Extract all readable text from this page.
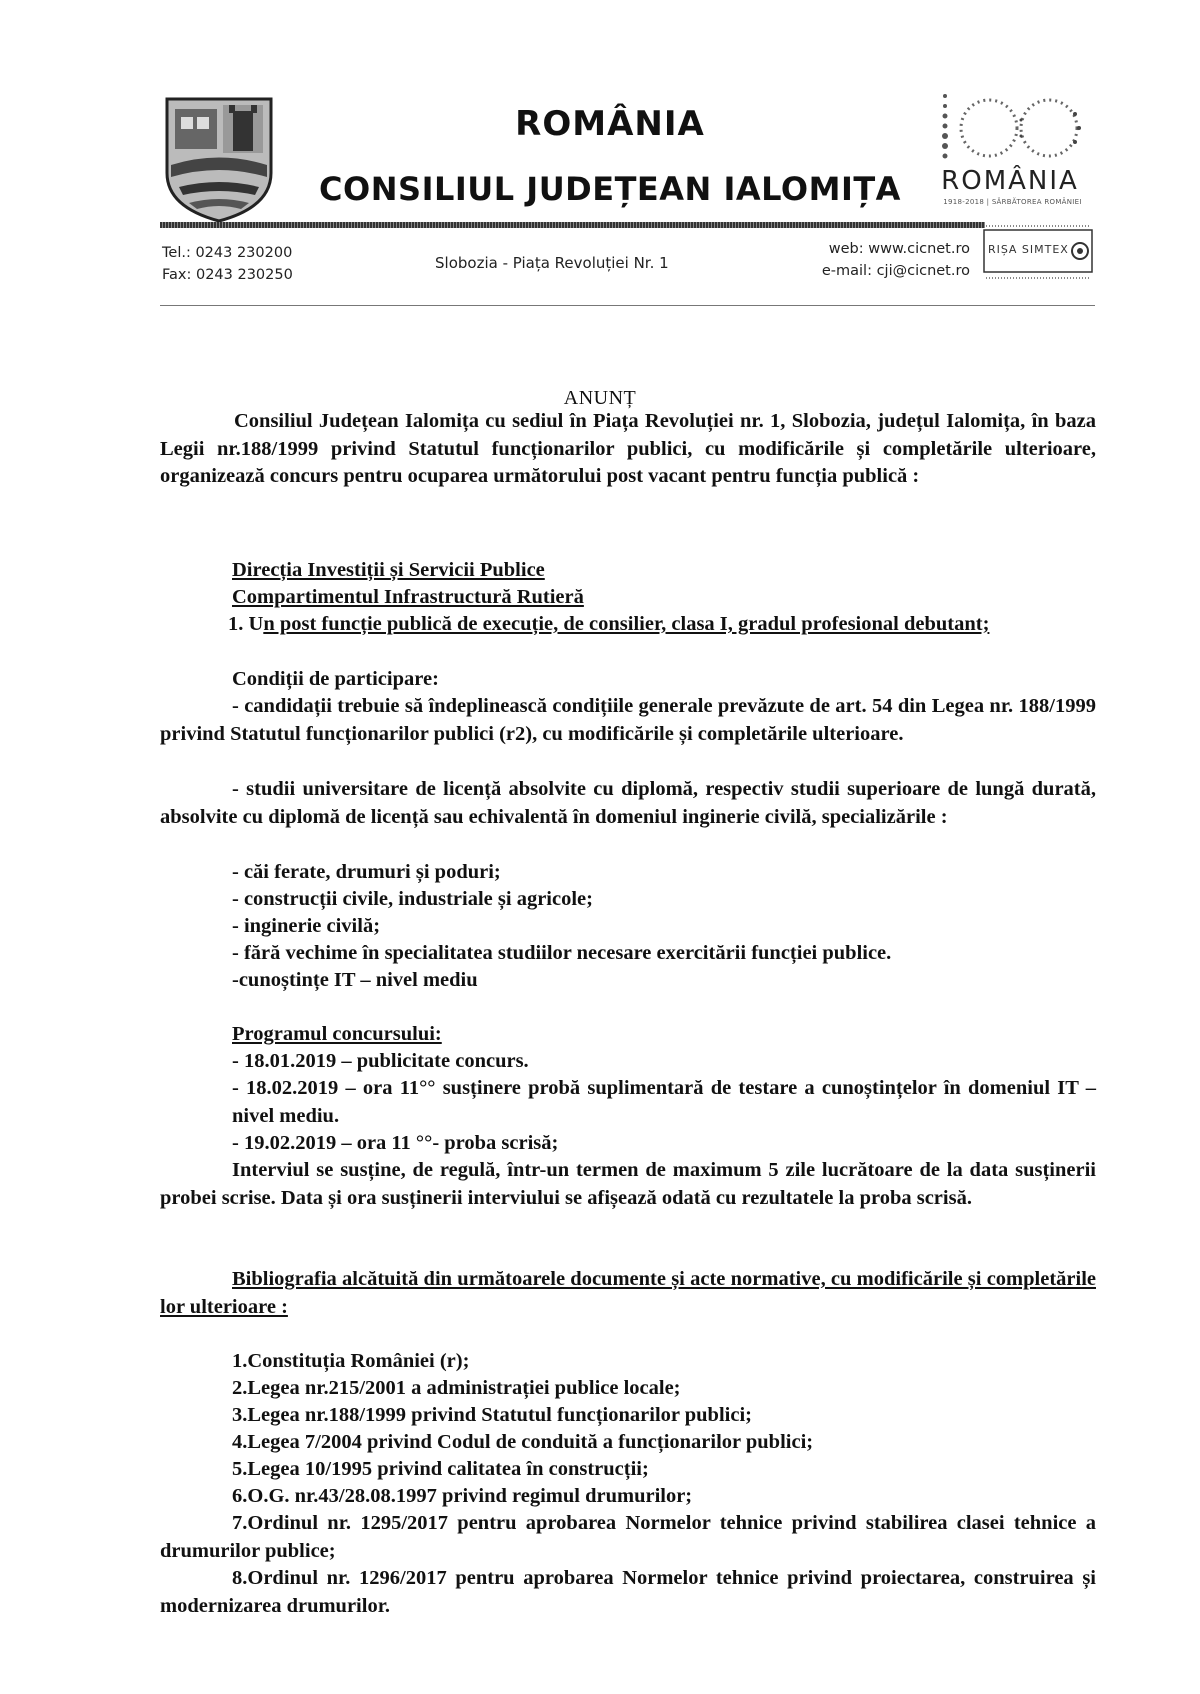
ROMÂNIA
CONSILIUL JUDEȚEAN IALOMIȚA	ROMÂNIA
1918-2018 | SĂRBĂTOREA ROMÂNIEI
Tel.: 0243 230200
Fax: 0243 230250
Slobozia - Piața Revoluției Nr. 1
web: www.cicnet.ro
e-mail: cji@cicnet.ro
RIȘA SIMTEX
ANUNȚ
Consiliul Județean Ialomița cu sediul în Piața Revoluției nr. 1, Slobozia, județul Ialomița, în baza Legii nr.188/1999 privind Statutul funcționarilor publici, cu modificările și completările ulterioare, organizează concurs pentru ocuparea următorului post vacant pentru funcția publică :
Direcția Investiții și Servicii Publice
Compartimentul Infrastructură Rutieră
1. Un post funcție publică de execuție, de consilier, clasa I, gradul profesional debutant;
Condiții de participare:
- candidații trebuie să îndeplinească condițiile generale prevăzute de art. 54 din Legea nr. 188/1999 privind Statutul funcționarilor publici (r2), cu modificările și completările ulterioare.
- studii universitare de licență absolvite cu diplomă, respectiv studii superioare de lungă durată, absolvite cu diplomă de licență sau echivalentă în domeniul inginerie civilă, specializările :
- căi ferate, drumuri și poduri;
- construcții civile, industriale și agricole;
- inginerie civilă;
- fără vechime în specialitatea studiilor necesare exercitării funcției publice.
-cunoștințe IT – nivel mediu
Programul concursului:
- 18.01.2019 – publicitate concurs.
- 18.02.2019 – ora 11°° susținere probă suplimentară de testare a cunoștințelor în domeniul IT – nivel mediu.
- 19.02.2019 – ora 11 °°- proba scrisă;
Interviul se susține, de regulă, într-un termen de maximum 5 zile lucrătoare de la data susținerii probei scrise. Data și ora susținerii interviului se afișează odată cu rezultatele la proba scrisă.
Bibliografia alcătuită din următoarele documente și acte normative, cu modificările și completările lor ulterioare :
1.Constituția României (r);
2.Legea nr.215/2001 a administrației publice locale;
3.Legea nr.188/1999 privind Statutul funcționarilor publici;
4.Legea 7/2004 privind Codul de conduită a funcționarilor publici;
5.Legea 10/1995 privind calitatea în construcții;
6.O.G. nr.43/28.08.1997 privind regimul drumurilor;
7.Ordinul nr. 1295/2017 pentru aprobarea Normelor tehnice privind stabilirea clasei tehnice a drumurilor publice;
8.Ordinul nr. 1296/2017 pentru aprobarea Normelor tehnice privind proiectarea, construirea și modernizarea drumurilor.
